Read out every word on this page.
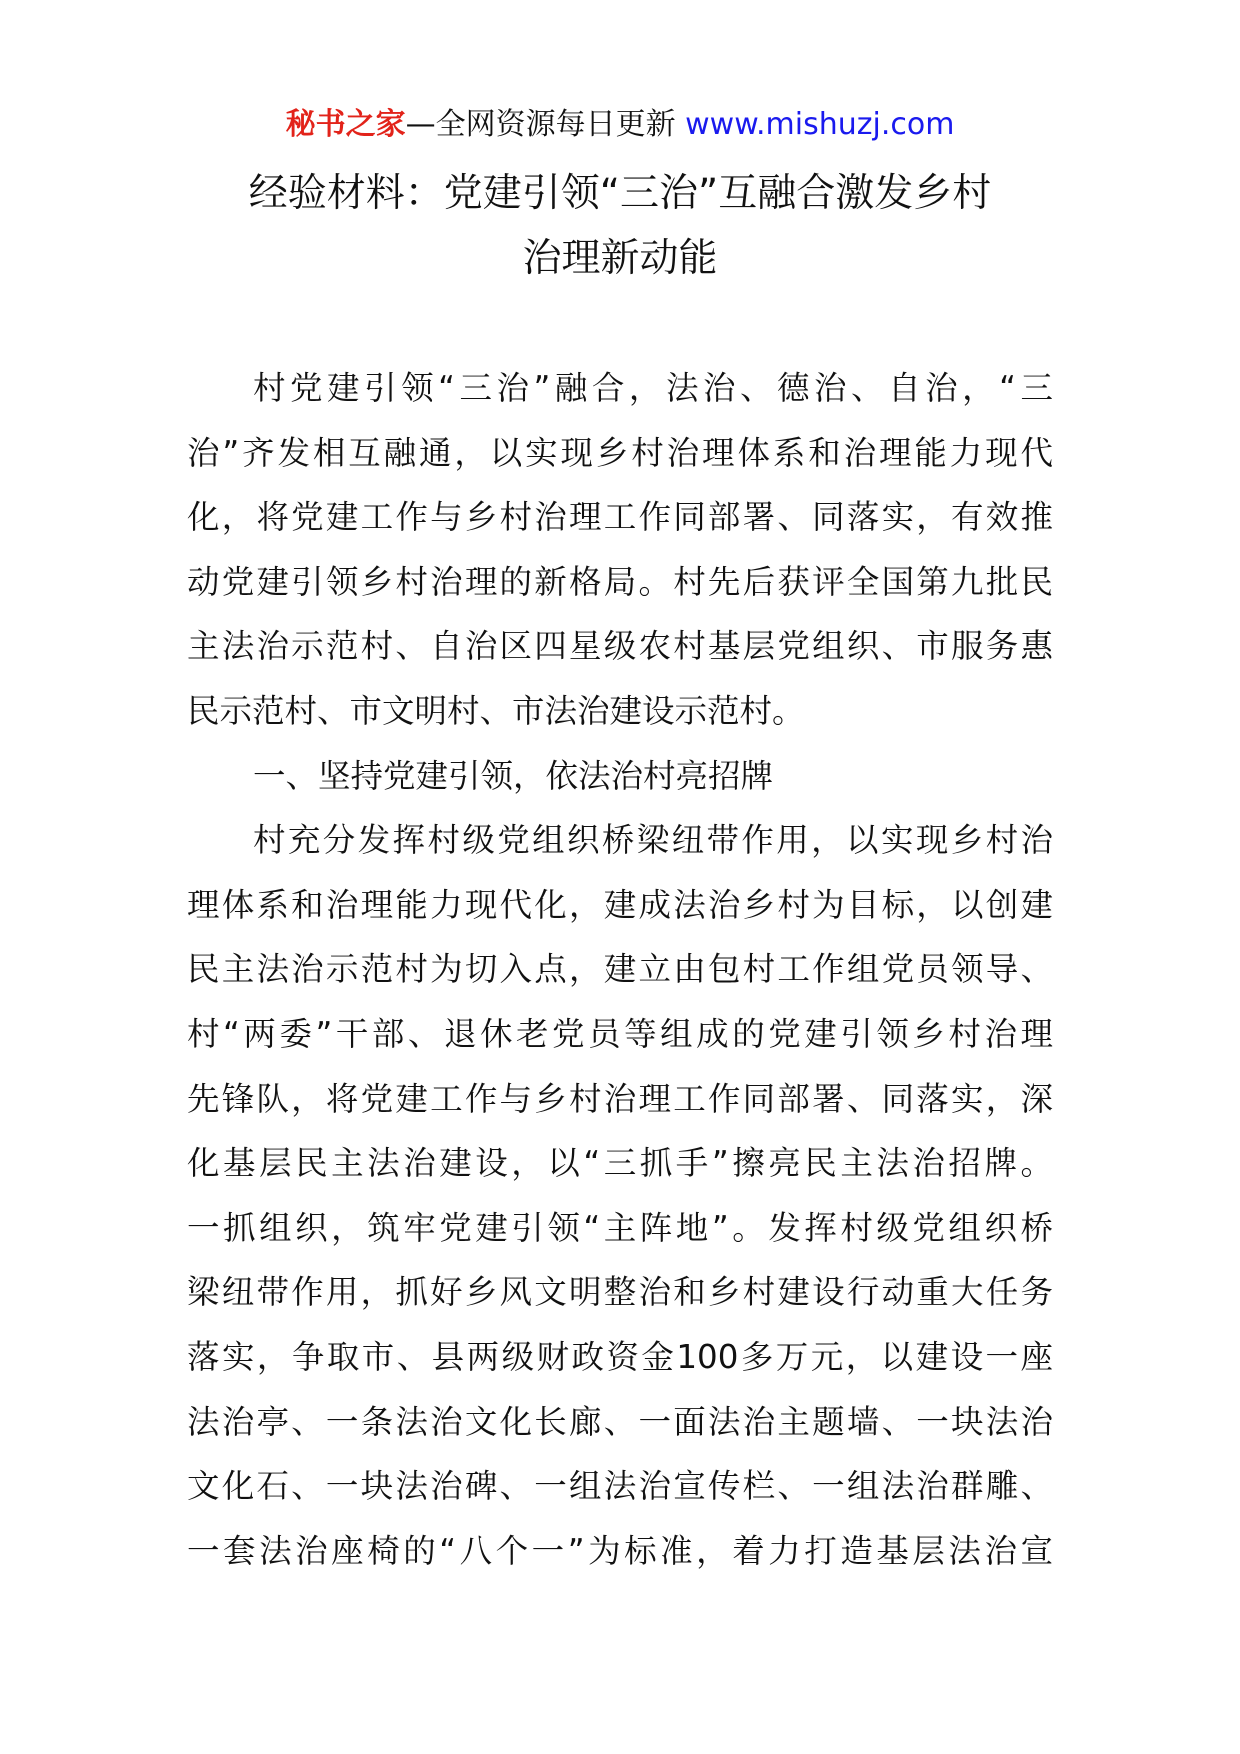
秘书之家—全网资源每日更新 www.mishuzj.com
经验材料：党建引领“三治”互融合激发乡村
治理新动能
村党建引领“三治”融合，法治、德治、自治，“三
治”齐发相互融通，以实现乡村治理体系和治理能力现代
化，将党建工作与乡村治理工作同部署、同落实，有效推
动党建引领乡村治理的新格局。村先后获评全国第九批民
主法治示范村、自治区四星级农村基层党组织、市服务惠
民示范村、市文明村、市法治建设示范村。
一、坚持党建引领，依法治村亮招牌
村充分发挥村级党组织桥梁纽带作用，以实现乡村治
理体系和治理能力现代化，建成法治乡村为目标，以创建
民主法治示范村为切入点，建立由包村工作组党员领导、
村“两委”干部、退休老党员等组成的党建引领乡村治理
先锋队，将党建工作与乡村治理工作同部署、同落实，深
化基层民主法治建设，以“三抓手”擦亮民主法治招牌。
一抓组织，筑牢党建引领“主阵地”。发挥村级党组织桥
梁纽带作用，抓好乡风文明整治和乡村建设行动重大任务
落实，争取市、县两级财政资金100多万元，以建设一座
法治亭、一条法治文化长廊、一面法治主题墙、一块法治
文化石、一块法治碑、一组法治宣传栏、一组法治群雕、
一套法治座椅的“八个一”为标准，着力打造基层法治宣
